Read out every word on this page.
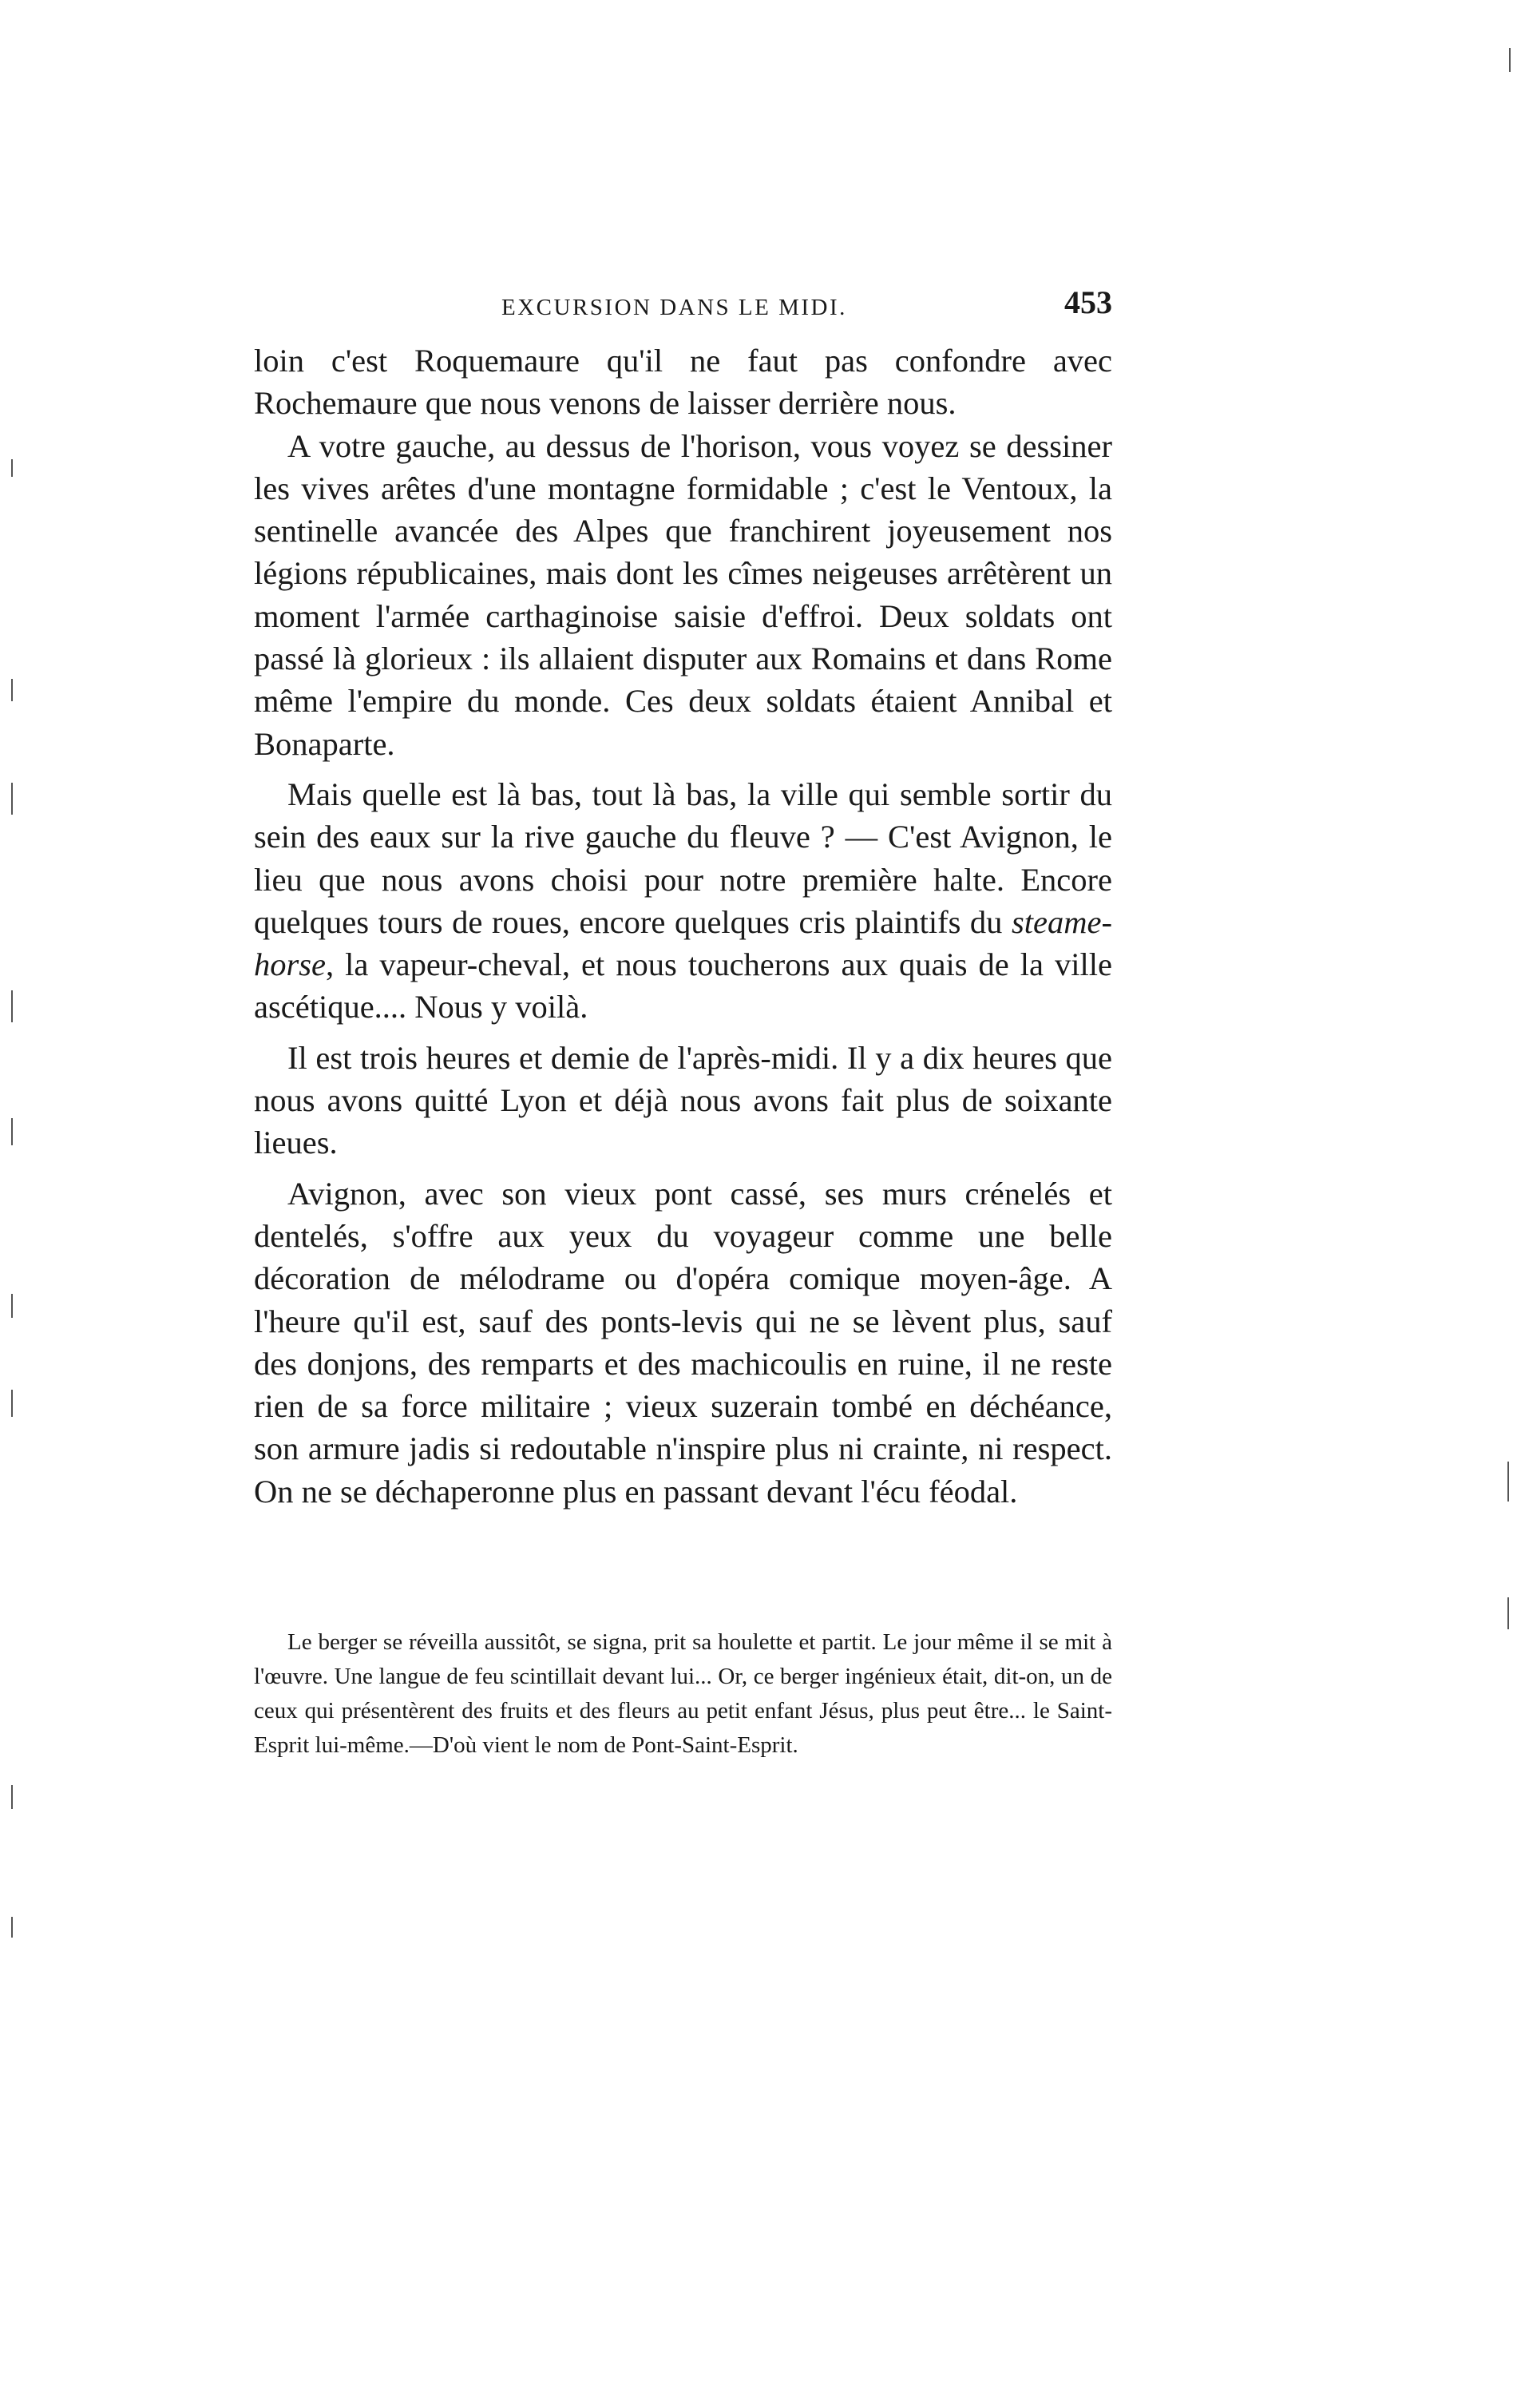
EXCURSION DANS LE MIDI.	453

loin c'est Roquemaure qu'il ne faut pas confondre avec Rochemaure que nous venons de laisser derrière nous.

A votre gauche, au dessus de l'horison, vous voyez se dessiner les vives arêtes d'une montagne formidable ; c'est le Ventoux, la sentinelle avancée des Alpes que franchirent joyeusement nos légions républicaines, mais dont les cîmes neigeuses arrêtèrent un moment l'armée carthaginoise saisie d'effroi. Deux soldats ont passé là glorieux : ils allaient disputer aux Romains et dans Rome même l'empire du monde. Ces deux soldats étaient Annibal et Bonaparte.

Mais quelle est là bas, tout là bas, la ville qui semble sortir du sein des eaux sur la rive gauche du fleuve ? — C'est Avignon, le lieu que nous avons choisi pour notre première halte. Encore quelques tours de roues, encore quelques cris plaintifs du steame-horse, la vapeur-cheval, et nous toucherons aux quais de la ville ascétique.... Nous y voilà.

Il est trois heures et demie de l'après-midi. Il y a dix heures que nous avons quitté Lyon et déjà nous avons fait plus de soixante lieues.

Avignon, avec son vieux pont cassé, ses murs crénelés et dentelés, s'offre aux yeux du voyageur comme une belle décoration de mélodrame ou d'opéra comique moyen-âge. A l'heure qu'il est, sauf des ponts-levis qui ne se lèvent plus, sauf des donjons, des remparts et des machicoulis en ruine, il ne reste rien de sa force militaire ; vieux suzerain tombé en déchéance, son armure jadis si redoutable n'inspire plus ni crainte, ni respect. On ne se déchaperonne plus en passant devant l'écu féodal.

Le berger se réveilla aussitôt, se signa, prit sa houlette et partit. Le jour même il se mit à l'œuvre. Une langue de feu scintillait devant lui... Or, ce berger ingénieux était, dit-on, un de ceux qui présentèrent des fruits et des fleurs au petit enfant Jésus, plus peut être... le Saint-Esprit lui-même.—D'où vient le nom de Pont-Saint-Esprit.
